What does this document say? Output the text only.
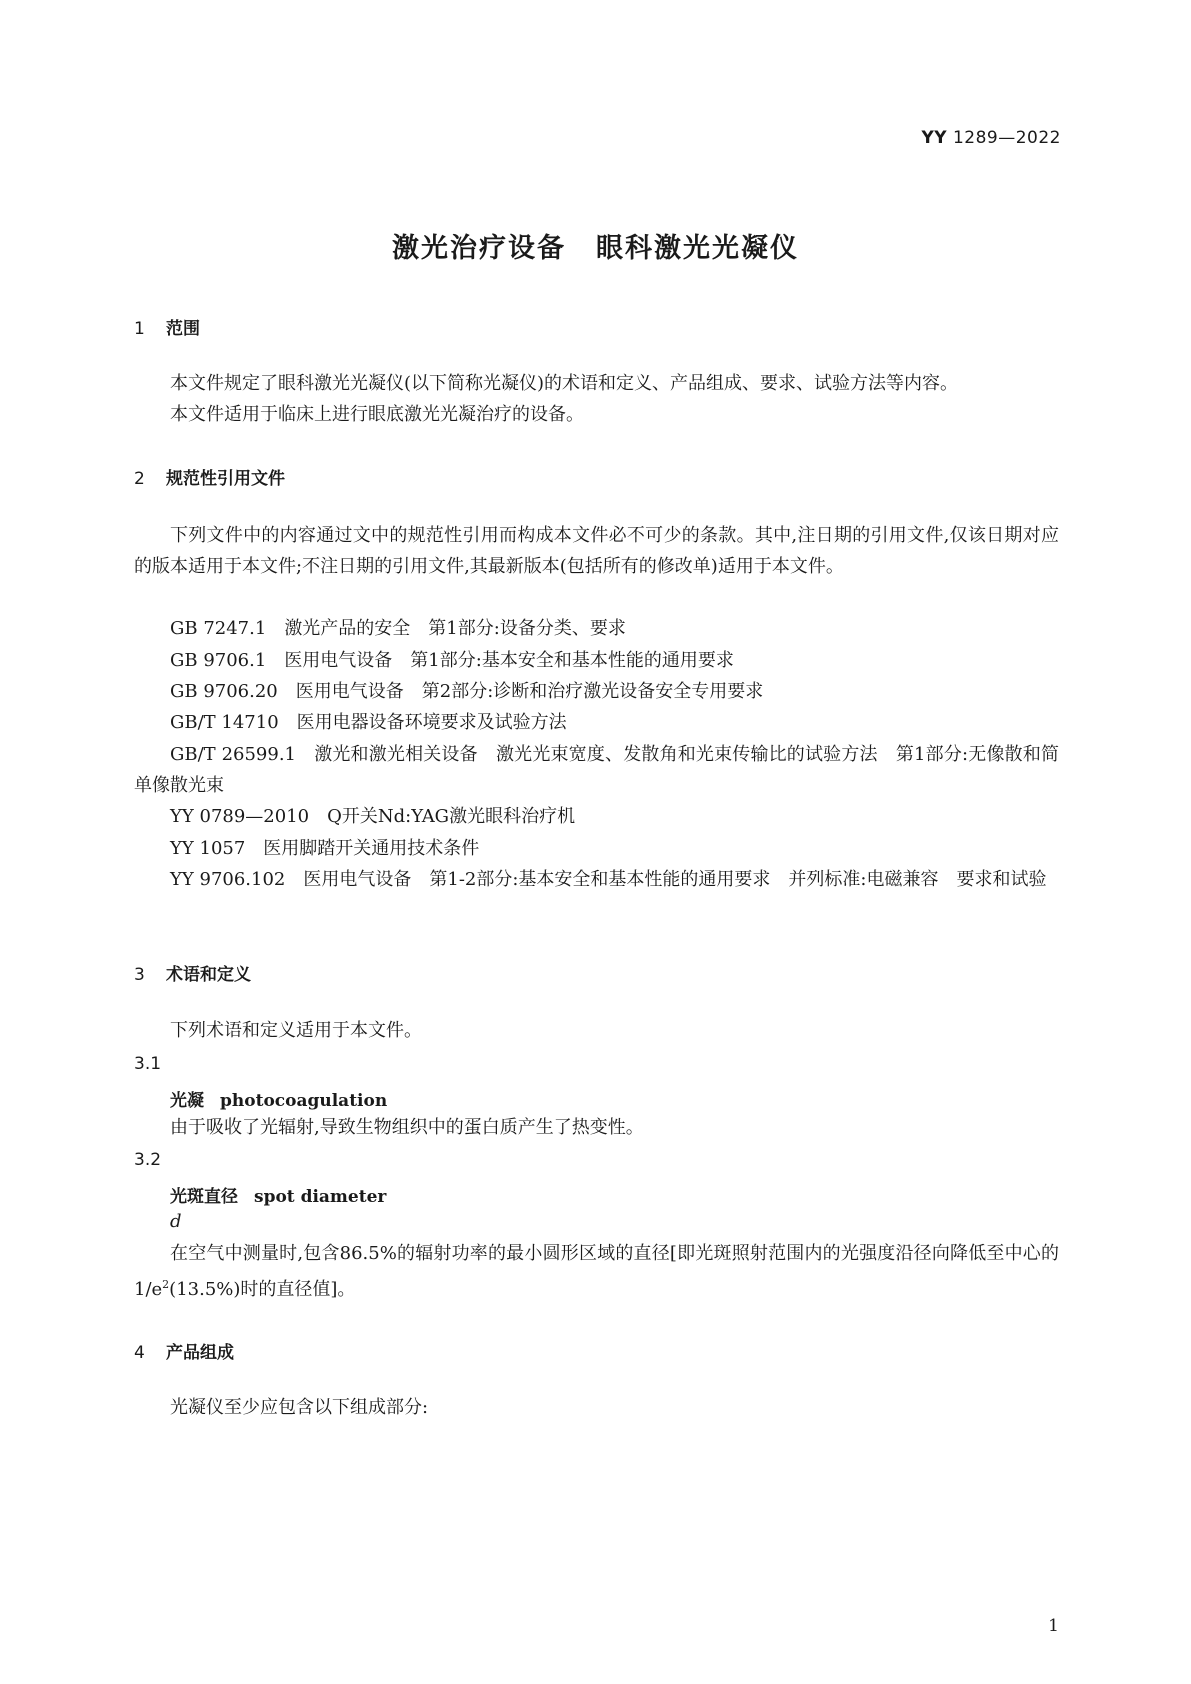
YY 1289—2022
激光治疗设备 眼科激光光凝仪
1 范围

本文件规定了眼科激光光凝仪(以下简称光凝仪)的术语和定义、产品组成、要求、试验方法等内容。

本文件适用于临床上进行眼底激光光凝治疗的设备。

2 规范性引用文件

下列文件中的内容通过文中的规范性引用而构成本文件必不可少的条款。其中,注日期的引用文件,仅该日期对应的版本适用于本文件;不注日期的引用文件,其最新版本(包括所有的修改单)适用于本文件。

GB 7247.1 激光产品的安全　第1部分:设备分类、要求

GB 9706.1 医用电气设备　第1部分:基本安全和基本性能的通用要求

GB 9706.20 医用电气设备　第2部分:诊断和治疗激光设备安全专用要求

GB/T 14710 医用电器设备环境要求及试验方法

GB/T 26599.1 激光和激光相关设备　激光光束宽度、发散角和光束传输比的试验方法　第1部分:无像散和简单像散光束

YY 0789—2010 Q开关Nd:YAG激光眼科治疗机

YY 1057 医用脚踏开关通用技术条件

YY 9706.102 医用电气设备　第1-2部分:基本安全和基本性能的通用要求　并列标准:电磁兼容　要求和试验

3 术语和定义

下列术语和定义适用于本文件。

3.1
光凝 photocoagulation

由于吸收了光辐射,导致生物组织中的蛋白质产生了热变性。

3.2
光斑直径 spot diameter
d

在空气中测量时,包含86.5%的辐射功率的最小圆形区域的直径[即光斑照射范围内的光强度沿径向降低至中心的$1/e^2(13.5\%)$时的直径值]。

4 产品组成

光凝仪至少应包含以下组成部分:

1
